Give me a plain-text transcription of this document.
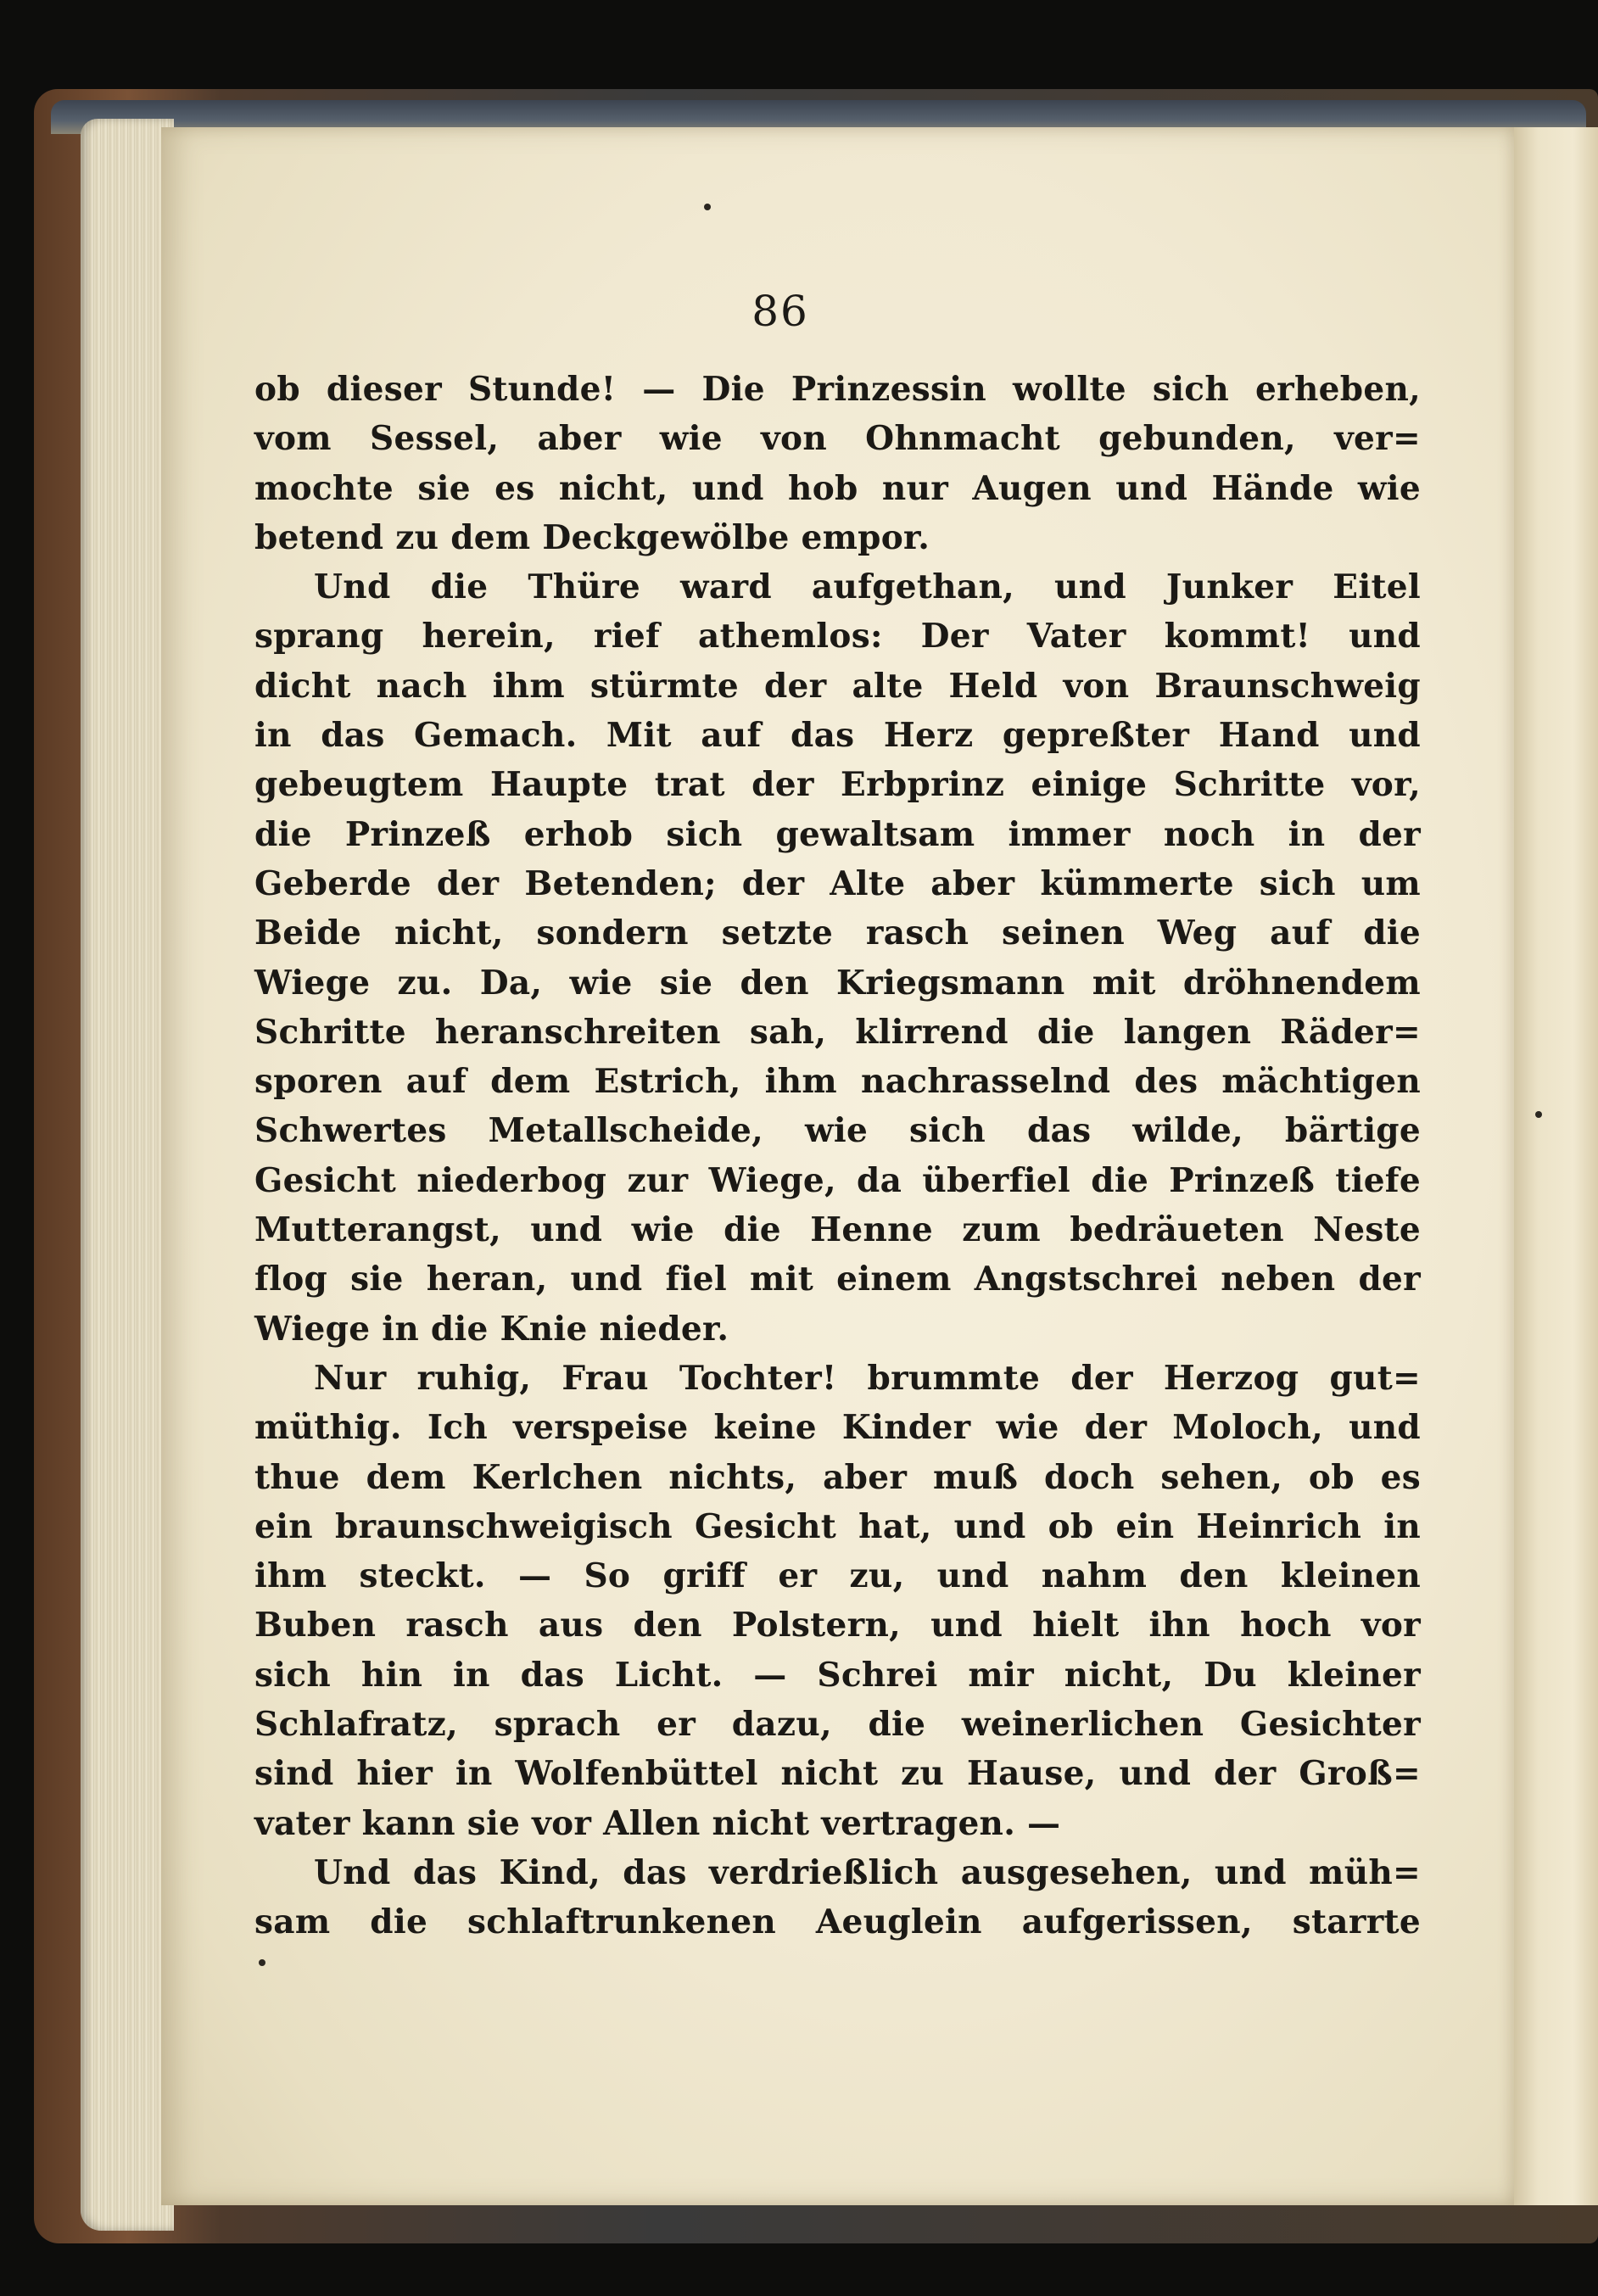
86
ob dieser Stunde! — Die Prinzessin wollte sich erheben,
vom Sessel, aber wie von Ohnmacht gebunden, ver=
mochte sie es nicht, und hob nur Augen und Hände wie
betend zu dem Deckgewölbe empor.
Und die Thüre ward aufgethan, und Junker Eitel
sprang herein, rief athemlos: Der Vater kommt! und
dicht nach ihm stürmte der alte Held von Braunschweig
in das Gemach. Mit auf das Herz gepreßter Hand und
gebeugtem Haupte trat der Erbprinz einige Schritte vor,
die Prinzeß erhob sich gewaltsam immer noch in der
Geberde der Betenden; der Alte aber kümmerte sich um
Beide nicht, sondern setzte rasch seinen Weg auf die
Wiege zu. Da, wie sie den Kriegsmann mit dröhnendem
Schritte heranschreiten sah, klirrend die langen Räder=
sporen auf dem Estrich, ihm nachrasselnd des mächtigen
Schwertes Metallscheide, wie sich das wilde, bärtige
Gesicht niederbog zur Wiege, da überfiel die Prinzeß tiefe
Mutterangst, und wie die Henne zum bedräueten Neste
flog sie heran, und fiel mit einem Angstschrei neben der
Wiege in die Knie nieder.
Nur ruhig, Frau Tochter! brummte der Herzog gut=
müthig. Ich verspeise keine Kinder wie der Moloch, und
thue dem Kerlchen nichts, aber muß doch sehen, ob es
ein braunschweigisch Gesicht hat, und ob ein Heinrich in
ihm steckt. — So griff er zu, und nahm den kleinen
Buben rasch aus den Polstern, und hielt ihn hoch vor
sich hin in das Licht. — Schrei mir nicht, Du kleiner
Schlafratz, sprach er dazu, die weinerlichen Gesichter
sind hier in Wolfenbüttel nicht zu Hause, und der Groß=
vater kann sie vor Allen nicht vertragen. —
Und das Kind, das verdrießlich ausgesehen, und müh=
sam die schlaftrunkenen Aeuglein aufgerissen, starrte
